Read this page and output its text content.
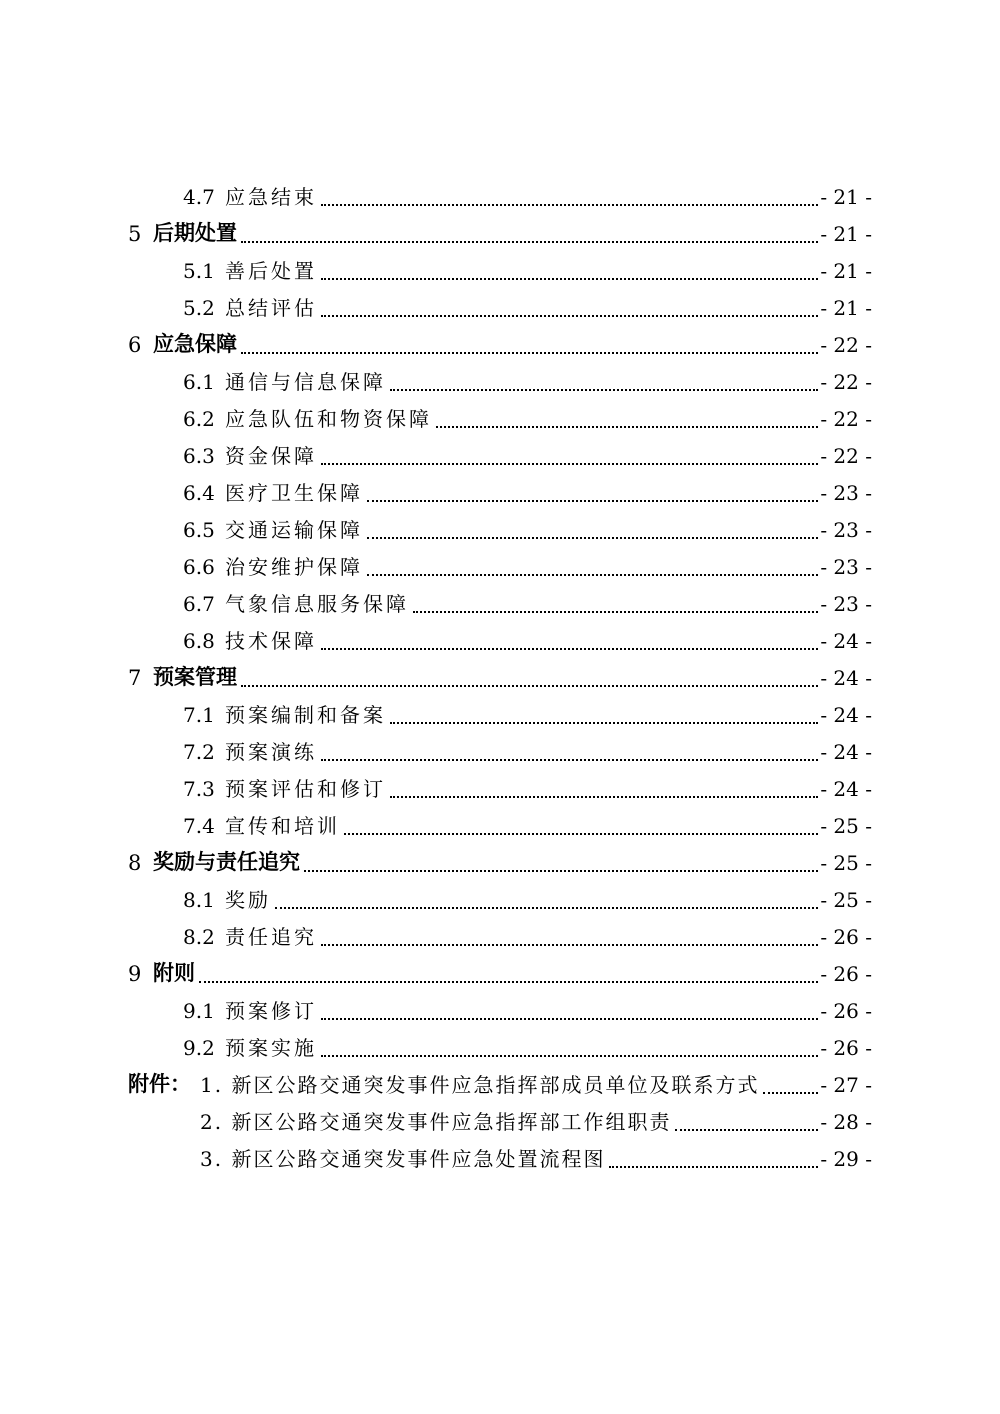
4.7 应急结束	- 21 -
5 后期处置	- 21 -
5.1 善后处置	- 21 -
5.2 总结评估	- 21 -
6 应急保障	- 22 -
6.1 通信与信息保障	- 22 -
6.2 应急队伍和物资保障	- 22 -
6.3 资金保障	- 22 -
6.4 医疗卫生保障	- 23 -
6.5 交通运输保障	- 23 -
6.6 治安维护保障	- 23 -
6.7 气象信息服务保障	- 23 -
6.8 技术保障	- 24 -
7 预案管理	- 24 -
7.1 预案编制和备案	- 24 -
7.2 预案演练	- 24 -
7.3 预案评估和修订	- 24 -
7.4 宣传和培训	- 25 -
8 奖励与责任追究	- 25 -
8.1 奖励	- 25 -
8.2 责任追究	- 26 -
9 附则	- 26 -
9.1 预案修订	- 26 -
9.2 预案实施	- 26 -
附件： 1. 新区公路交通突发事件应急指挥部成员单位及联系方式	- 27 -
2. 新区公路交通突发事件应急指挥部工作组职责	- 28 -
3. 新区公路交通突发事件应急处置流程图	- 29 -
